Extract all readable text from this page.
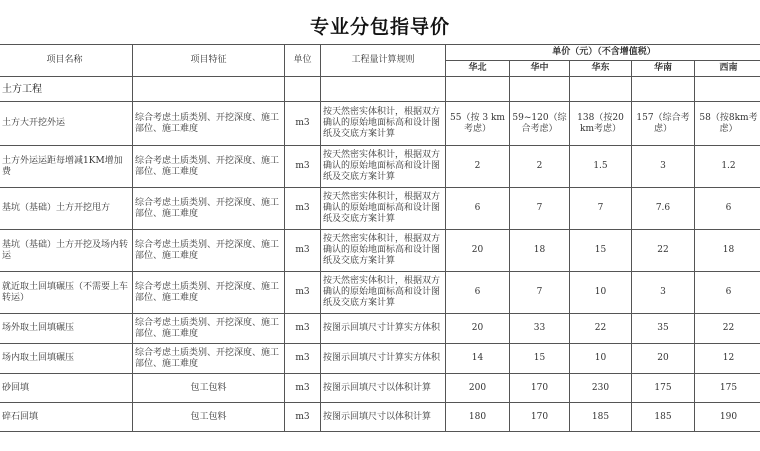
专业分包指导价
项目名称	项目特征	单位	工程量计算规则	单价（元）（不含增值税）				
				华北	华中	华东	华南	西南
土方工程								
土方大开挖外运	综合考虑土质类别、开挖深度、施工部位、施工难度	m3	按天然密实体积计，根据双方确认的原始地面标高和设计图纸及交底方案计算	55（按 3 km考虑）	59~120（综合考虑）	138（按20 km考虑）	157（综合考虑）	58（按8km考虑）
土方外运运距每增减1KM增加费	综合考虑土质类别、开挖深度、施工部位、施工难度	m3	按天然密实体积计，根据双方确认的原始地面标高和设计图纸及交底方案计算	2	2	1.5	3	1.2
基坑（基础）土方开挖甩方	综合考虑土质类别、开挖深度、施工部位、施工难度	m3	按天然密实体积计，根据双方确认的原始地面标高和设计图纸及交底方案计算	6	7	7	7.6	6
基坑（基础）土方开挖及场内转运	综合考虑土质类别、开挖深度、施工部位、施工难度	m3	按天然密实体积计，根据双方确认的原始地面标高和设计图纸及交底方案计算	20	18	15	22	18
就近取土回填碾压（不需要上车转运）	综合考虑土质类别、开挖深度、施工部位、施工难度	m3	按天然密实体积计，根据双方确认的原始地面标高和设计图纸及交底方案计算	6	7	10	3	6
场外取土回填碾压	综合考虑土质类别、开挖深度、施工部位、施工难度	m3	按图示回填尺寸计算实方体积	20	33	22	35	22
场内取土回填碾压	综合考虑土质类别、开挖深度、施工部位、施工难度	m3	按图示回填尺寸计算实方体积	14	15	10	20	12
砂回填	包工包料	m3	按图示回填尺寸以体积计算	200	170	230	175	175
碎石回填	包工包料	m3	按图示回填尺寸以体积计算	180	170	185	185	190
